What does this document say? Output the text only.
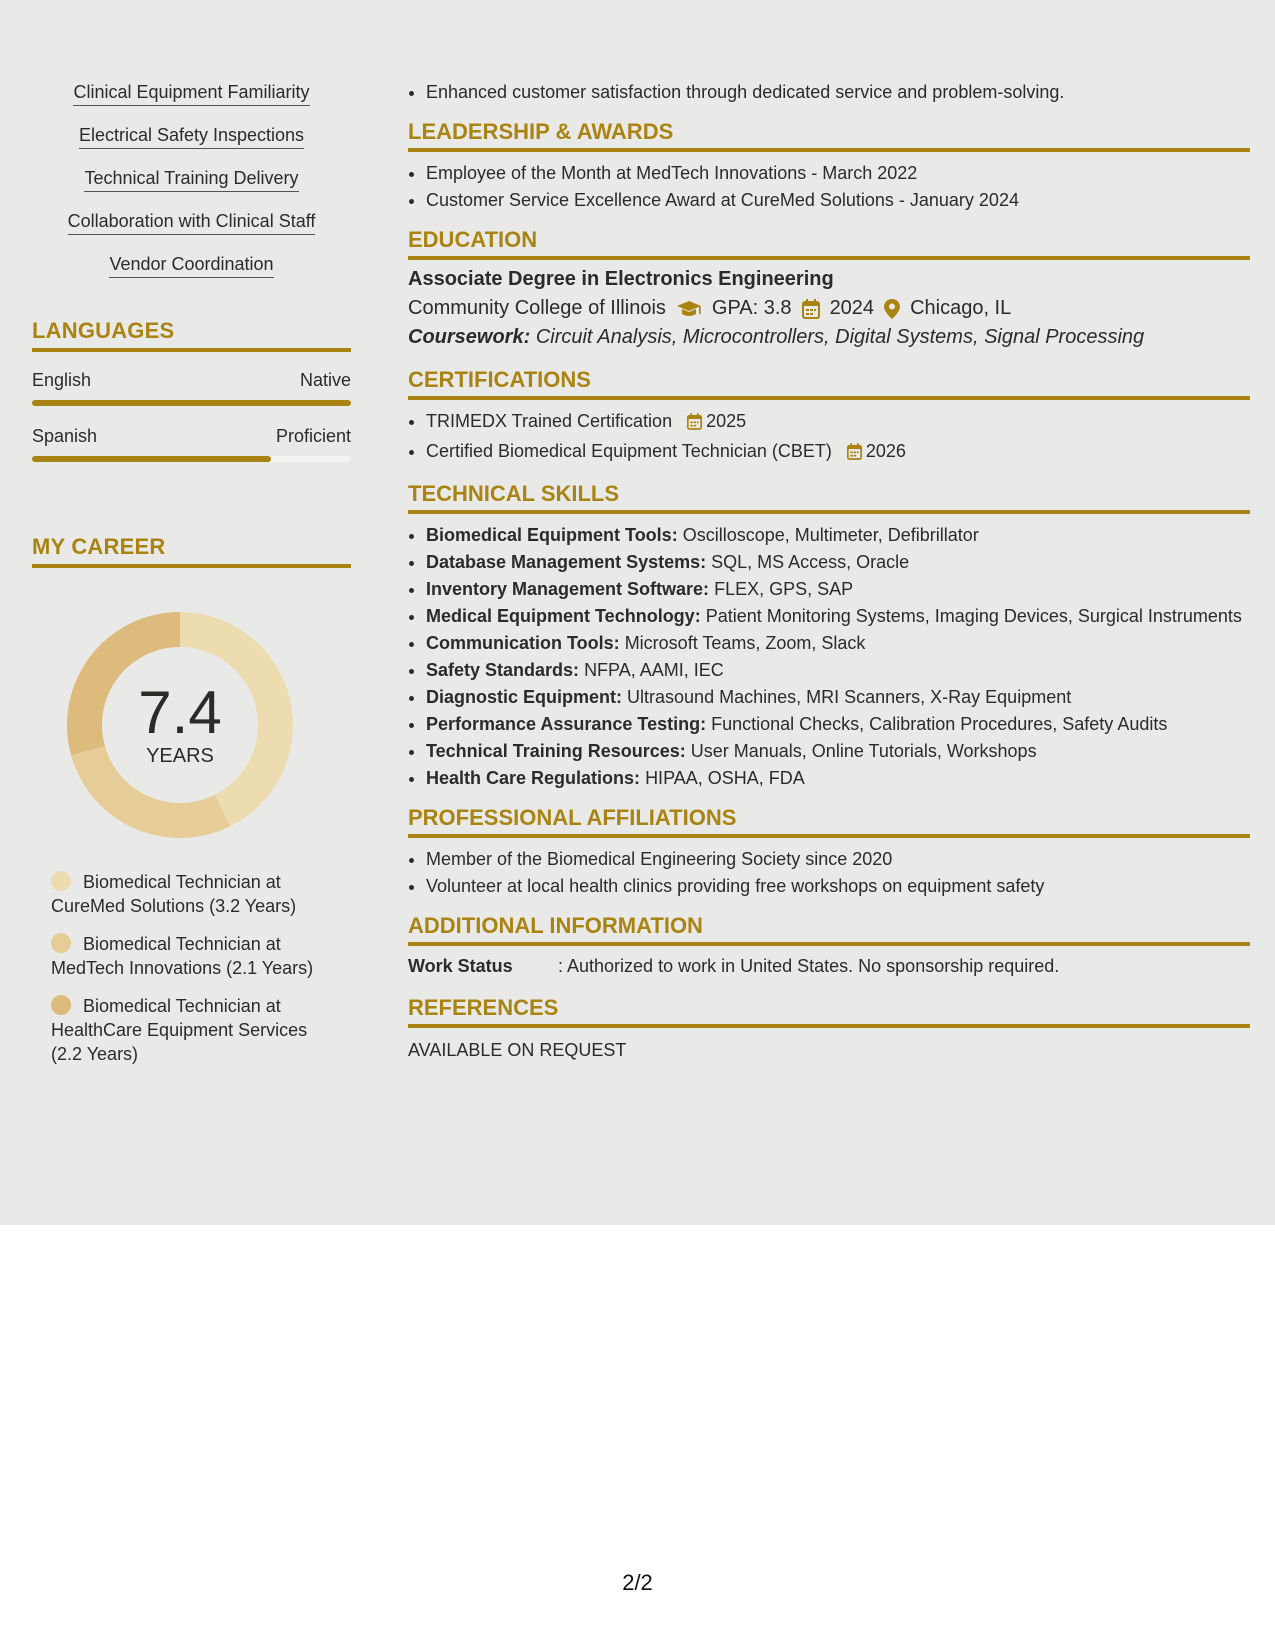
Clinical Equipment Familiarity
Electrical Safety Inspections
Technical Training Delivery
Collaboration with Clinical Staff
Vendor Coordination
LANGUAGES
English	Native
Spanish	Proficient
MY CAREER
7.4
YEARS
Biomedical Technician at CureMed Solutions (3.2 Years)
Biomedical Technician at MedTech Innovations (2.1 Years)
Biomedical Technician at HealthCare Equipment Services (2.2 Years)
• Enhanced customer satisfaction through dedicated service and problem-solving.
LEADERSHIP & AWARDS
• Employee of the Month at MedTech Innovations - March 2022
• Customer Service Excellence Award at CureMed Solutions - January 2024
EDUCATION
Associate Degree in Electronics Engineering
Community College of Illinois GPA: 3.8 2024 Chicago, IL
Coursework: Circuit Analysis, Microcontrollers, Digital Systems, Signal Processing
CERTIFICATIONS
• TRIMEDX Trained Certification 2025
• Certified Biomedical Equipment Technician (CBET) 2026
TECHNICAL SKILLS
• Biomedical Equipment Tools: Oscilloscope, Multimeter, Defibrillator
• Database Management Systems: SQL, MS Access, Oracle
• Inventory Management Software: FLEX, GPS, SAP
• Medical Equipment Technology: Patient Monitoring Systems, Imaging Devices, Surgical Instruments
• Communication Tools: Microsoft Teams, Zoom, Slack
• Safety Standards: NFPA, AAMI, IEC
• Diagnostic Equipment: Ultrasound Machines, MRI Scanners, X-Ray Equipment
• Performance Assurance Testing: Functional Checks, Calibration Procedures, Safety Audits
• Technical Training Resources: User Manuals, Online Tutorials, Workshops
• Health Care Regulations: HIPAA, OSHA, FDA
PROFESSIONAL AFFILIATIONS
• Member of the Biomedical Engineering Society since 2020
• Volunteer at local health clinics providing free workshops on equipment safety
ADDITIONAL INFORMATION
Work Status	: Authorized to work in United States. No sponsorship required.
REFERENCES
AVAILABLE ON REQUEST
2/2
